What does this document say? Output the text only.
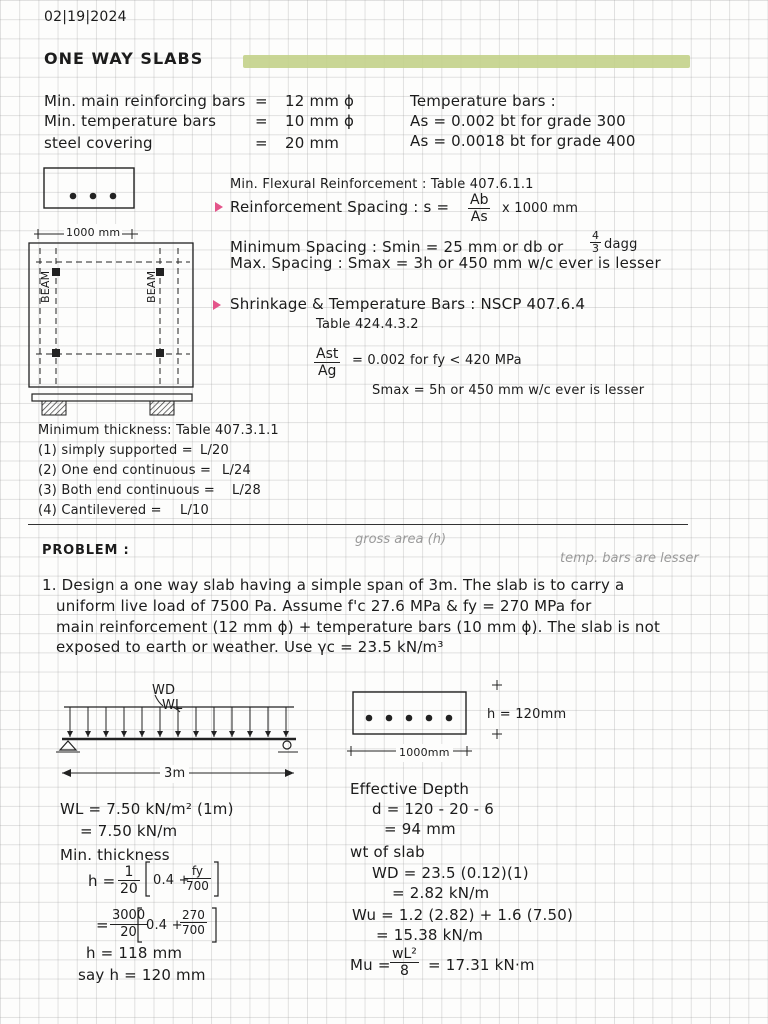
02|19|2024
ONE WAY SLABS
Min. main reinforcing bars = 12 mm ϕ
Min. temperature bars	= 10 mm ϕ
steel covering	= 20 mm
Temperature bars :
As = 0.002 bt for grade 300
As = 0.0018 bt for grade 400
1000 mm
BEAM	BEAM
Min. Flexural Reinforcement : Table 407.6.1.1
Reinforcement Spacing : $s = \frac{Ab}{As}$ x 1000 mm
Minimum Spacing : Smin = 25 mm or db or $\frac{4}{3}$ dagg
Max. Spacing : Smax = 3h or 450 mm w/c ever is lesser
Shrinkage & Temperature Bars : NSCP 407.6.4
Table 424.4.3.2
Ast
Ag
= 0.002 for fy < 420 MPa
Smax = 5h or 450 mm w/c ever is lesser
Minimum thickness: Table 407.3.1.1
(1) simply supported = L/20
(2) One end continuous = L/24
(3) Both end continuous = L/28
(4) Cantilevered = L/10
PROBLEM :
gross area (h)
temp. bars are lesser
1. Design a one way slab having a simple span of 3m. The slab is to carry a
uniform live load of 7500 Pa. Assume f'c 27.6 MPa & fy = 270 MPa for
main reinforcement (12 mm ϕ) + temperature bars (10 mm ϕ). The slab is not
exposed to earth or weather. Use γc = 23.5 kN/m³
WD
WL
3m
h = 120mm
1000mm
WL = 7.50 kN/m² (1m)
= 7.50 kN/m
Min. thickness
$h = \frac{1}{20} 0.4$ +
$\frac{fy}{700}$
= $\frac{3000}{20}$
0.4 +
$\frac{270}{700}$
h = 118 mm
say h = 120 mm
Effective Depth
d = 120 - 20 - 6
= 94 mm
wt of slab
WD = 23.5 (0.12)(1)
= 2.82 kN/m
Wu = 1.2 (2.82) + 1.6 (7.50)
= 15.38 kN/m
$Mu = \frac{\text{wL²}}{8} = 17.31$ kN·m
